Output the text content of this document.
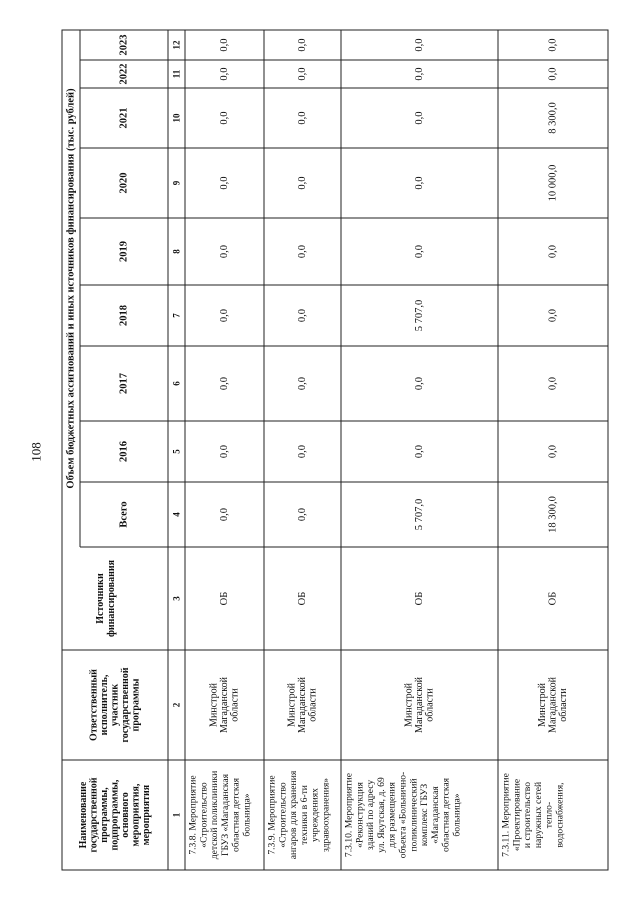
108 Объем бюджетных ассигнований и иных источников финансирования (тыс. рублей)
Наименование государственной программы, подпрограммы, основного мероприятия, мероприятия
Ответственный исполнитель, участник государственной программы
Источники финансирования
Всего
2016
2017
2018
2019
2020
2021
2022
2023
1
2
3
4
5
6
7
8
9
10
11
12
7.3.8. Мероприятие «Строительство детской поликлиники ГБУЗ «Магаданская областная детская больница»
Минстрой Магаданской области
ОБ
0,0
0,0
0,0
0,0
0,0
0,0
0,0
0,0
0,0
7.3.9. Мероприятие «Строительство ангаров для хранения техники в 6-ти учреждениях здравоохранения»
Минстрой Магаданской области
ОБ
0,0
0,0
0,0
0,0
0,0
0,0
0,0
0,0
0,0
7.3.10. Мероприятие «Реконструкция зданий по адресу ул. Якутская, д. 69 для размещения объекта «Больнично- поликлинический комплекс ГБУЗ «Магаданская областная детская больница»
Минстрой Магаданской области
ОБ
5 707,0
0,0
0,0
5 707,0
0,0
0,0
0,0
0,0
0,0
7.3.11. Мероприятие «Проектирование и строительство наружных сетей тепло- водоснабжения,
Минстрой Магаданской области
ОБ
18 300,0
0,0
0,0
0,0
0,0
10 000,0
8 300,0
0,0
0,0
